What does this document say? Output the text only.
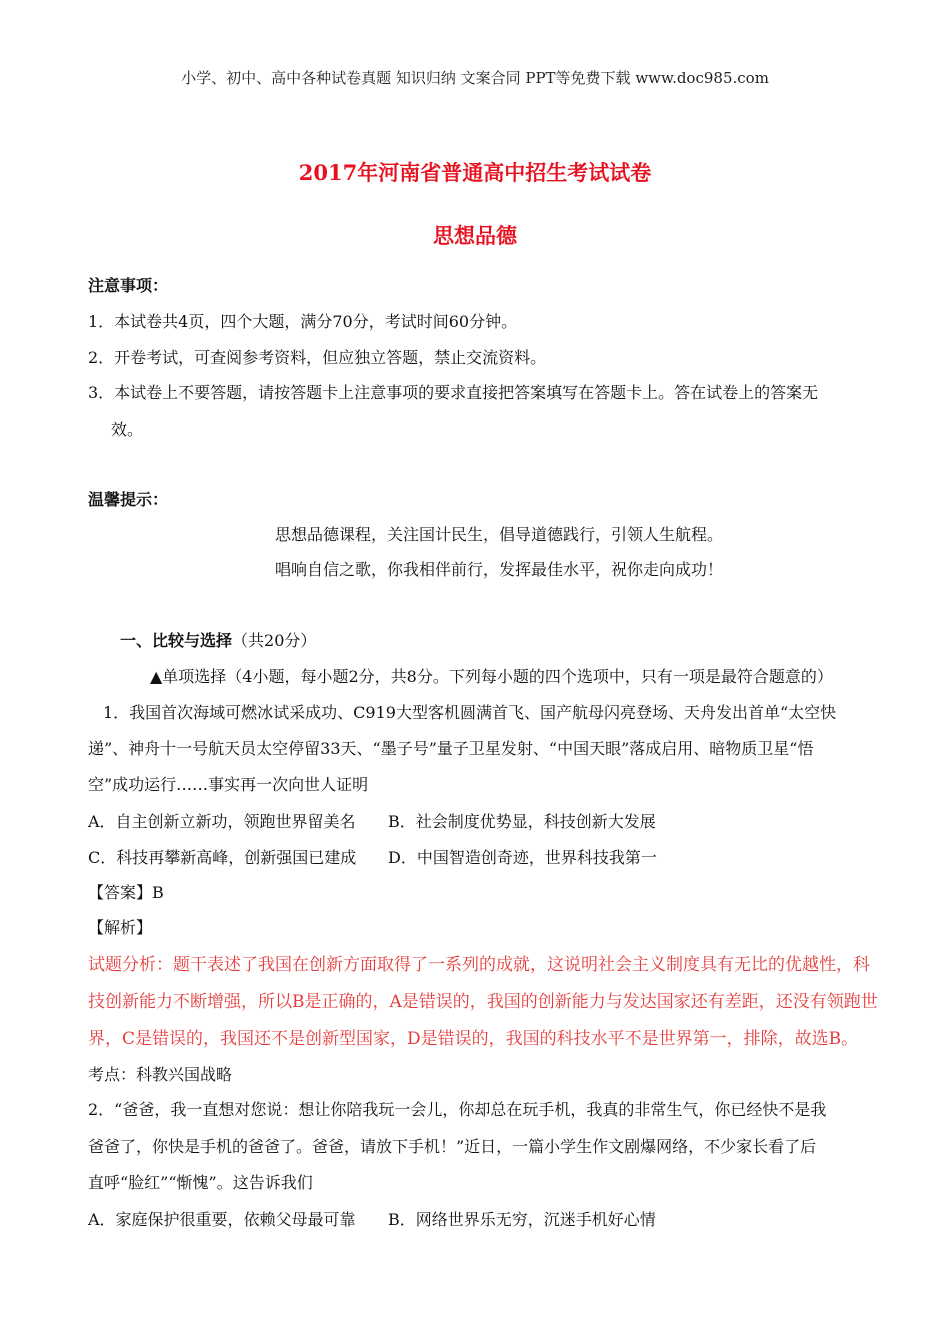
小学、初中、高中各种试卷真题 知识归纳 文案合同 PPT等免费下载 www.doc985.com
2017年河南省普通高中招生考试试卷
思想品德
注意事项：
1．本试卷共4页，四个大题，满分70分，考试时间60分钟。
2．开卷考试，可查阅参考资料，但应独立答题，禁止交流资料。
3．本试卷上不要答题，请按答题卡上注意事项的要求直接把答案填写在答题卡上。答在试卷上的答案无
效。
温馨提示：
思想品德课程，关注国计民生，倡导道德践行，引领人生航程。
唱响自信之歌，你我相伴前行，发挥最佳水平，祝你走向成功！
一、比较与选择（共20分）
▲单项选择（4小题，每小题2分，共8分。下列每小题的四个选项中，只有一项是最符合题意的）
1．我国首次海域可燃冰试采成功、C919大型客机圆满首飞、国产航母闪亮登场、天舟发出首单“太空快
递”、神舟十一号航天员太空停留33天、“墨子号”量子卫星发射、“中国天眼”落成启用、暗物质卫星“悟
空”成功运行……事实再一次向世人证明
A．自主创新立新功，领跑世界留美名 B．社会制度优势显，科技创新大发展
C．科技再攀新高峰，创新强国已建成 D．中国智造创奇迹，世界科技我第一
【答案】B
【解析】
试题分析：题干表述了我国在创新方面取得了一系列的成就，这说明社会主义制度具有无比的优越性，科
技创新能力不断增强，所以B是正确的，A是错误的，我国的创新能力与发达国家还有差距，还没有领跑世
界，C是错误的，我国还不是创新型国家，D是错误的，我国的科技水平不是世界第一，排除，故选B。
考点：科教兴国战略
2．“爸爸，我一直想对您说：想让你陪我玩一会儿，你却总在玩手机，我真的非常生气，你已经快不是我
爸爸了，你快是手机的爸爸了。爸爸，请放下手机！”近日，一篇小学生作文剧爆网络，不少家长看了后
直呼“脸红”“惭愧”。这告诉我们
A．家庭保护很重要，依赖父母最可靠 B．网络世界乐无穷，沉迷手机好心情
